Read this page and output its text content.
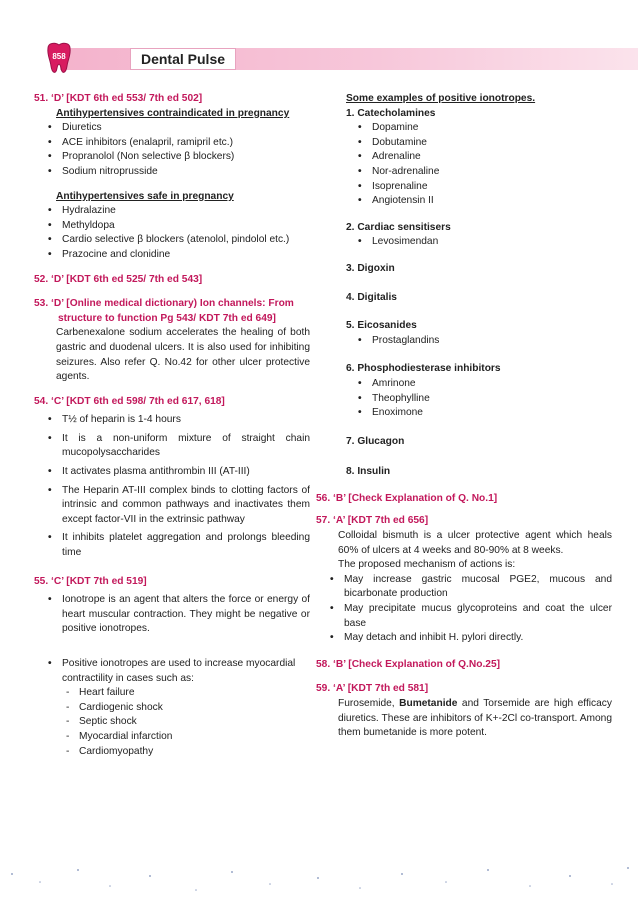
858	Dental Pulse
51. ‘D’ [KDT 6th ed 553/ 7th ed 502]
Antihypertensives contraindicated in pregnancy
• Diuretics
• ACE inhibitors (enalapril, ramipril etc.)
• Propranolol (Non selective β blockers)
• Sodium nitroprusside
Antihypertensives safe in pregnancy
• Hydralazine
• Methyldopa
• Cardio selective β blockers (atenolol, pindolol etc.)
• Prazocine and clonidine
52. ‘D’ [KDT 6th ed 525/ 7th ed 543]
53. ‘D’ [Online medical dictionary) Ion channels: From structure to function Pg 543/ KDT 7th ed 649]
Carbenexalone sodium accelerates the healing of both gastric and duodenal ulcers. It is also used for inhibiting seizures. Also refer Q. No.42 for other ulcer protective agents.
54. ‘C’ [KDT 6th ed 598/ 7th ed 617, 618]
• T½ of heparin is 1-4 hours
• It is a non-uniform mixture of straight chain mucopolysaccharides
• It activates plasma antithrombin III (AT-III)
• The Heparin AT-III complex binds to clotting factors of intrinsic and common pathways and inactivates them except factor-VII in the extrinsic pathway
• It inhibits platelet aggregation and prolongs bleeding time
55. ‘C’ [KDT 7th ed 519]
• Ionotrope is an agent that alters the force or energy of heart muscular contraction. They might be negative or positive ionotropes.
• Positive ionotropes are used to increase myocardial contractility in cases such as:
- Heart failure
- Cardiogenic shock
- Septic shock
- Myocardial infarction
- Cardiomyopathy
Some examples of positive ionotropes.
1. Catecholamines
• Dopamine
• Dobutamine
• Adrenaline
• Nor-adrenaline
• Isoprenaline
• Angiotensin II
2. Cardiac sensitisers
• Levosimendan
3. Digoxin
4. Digitalis
5. Eicosanides
• Prostaglandins
6. Phosphodiesterase inhibitors
• Amrinone
• Theophylline
• Enoximone
7. Glucagon
8. Insulin
56. ‘B’ [Check Explanation of Q. No.1]
57. ‘A’ [KDT 7th ed 656]
Colloidal bismuth is a ulcer protective agent which heals 60% of ulcers at 4 weeks and 80-90% at 8 weeks.
The proposed mechanism of actions is:
• May increase gastric mucosal PGE2, mucous and bicarbonate production
• May precipitate mucus glycoproteins and coat the ulcer base
• May detach and inhibit H. pylori directly.
58. ‘B’ [Check Explanation of Q.No.25]
59. ‘A’ [KDT 7th ed 581]
Furosemide, Bumetanide and Torsemide are high efficacy diuretics. These are inhibitors of K+-2Cl co-transport. Among them bumetanide is more potent.
